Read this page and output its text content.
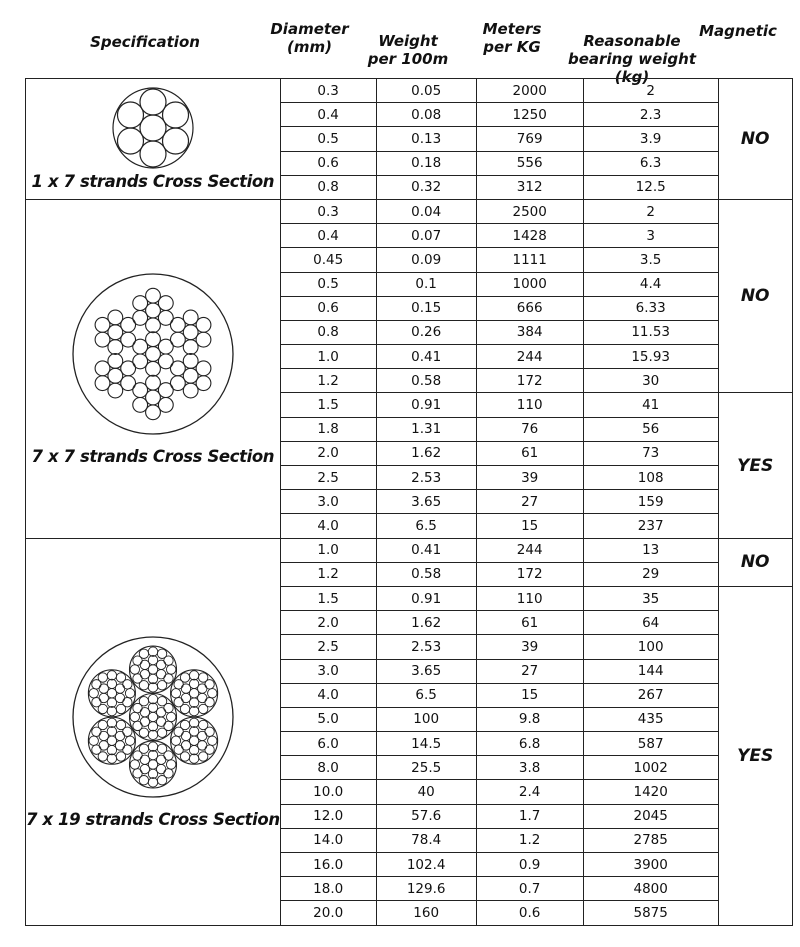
Specification
Diameter
(mm)	Weight
per 100m
Meters
per KG	Reasonable
bearing weight (kg)
Magnetic
1 x 7 strands Cross Section	0.3	0.05	2000	2	NO
	0.4	0.08	1250	2.3	
	0.5	0.13	769	3.9	
	0.6	0.18	556	6.3	
	0.8	0.32	312	12.5	

7 x 7 strands Cross Section	0.3	0.04	2500	2	NO
	0.4	0.07	1428	3	
	0.45	0.09	1111	3.5	
	0.5	0.1	1000	4.4	
	0.6	0.15	666	6.33	
	0.8	0.26	384	11.53	
	1.0	0.41	244	15.93	
	1.2	0.58	172	30	
	1.5	0.91	110	41	YES
	1.8	1.31	76	56	
	2.0	1.62	61	73	
	2.5	2.53	39	108	
	3.0	3.65	27	159	
	4.0	6.5	15	237	

7 x 19 strands Cross Section	1.0	0.41	244	13	NO
	1.2	0.58	172	29	
	1.5	0.91	110	35	YES
	2.0	1.62	61	64	
	2.5	2.53	39	100	
	3.0	3.65	27	144	
	4.0	6.5	15	267	
	5.0	100	9.8	435	
	6.0	14.5	6.8	587	
	8.0	25.5	3.8	1002	
	10.0	40	2.4	1420	
	12.0	57.6	1.7	2045	
	14.0	78.4	1.2	2785	
	16.0	102.4	0.9	3900	
	18.0	129.6	0.7	4800	
	20.0	160	0.6	5875	
